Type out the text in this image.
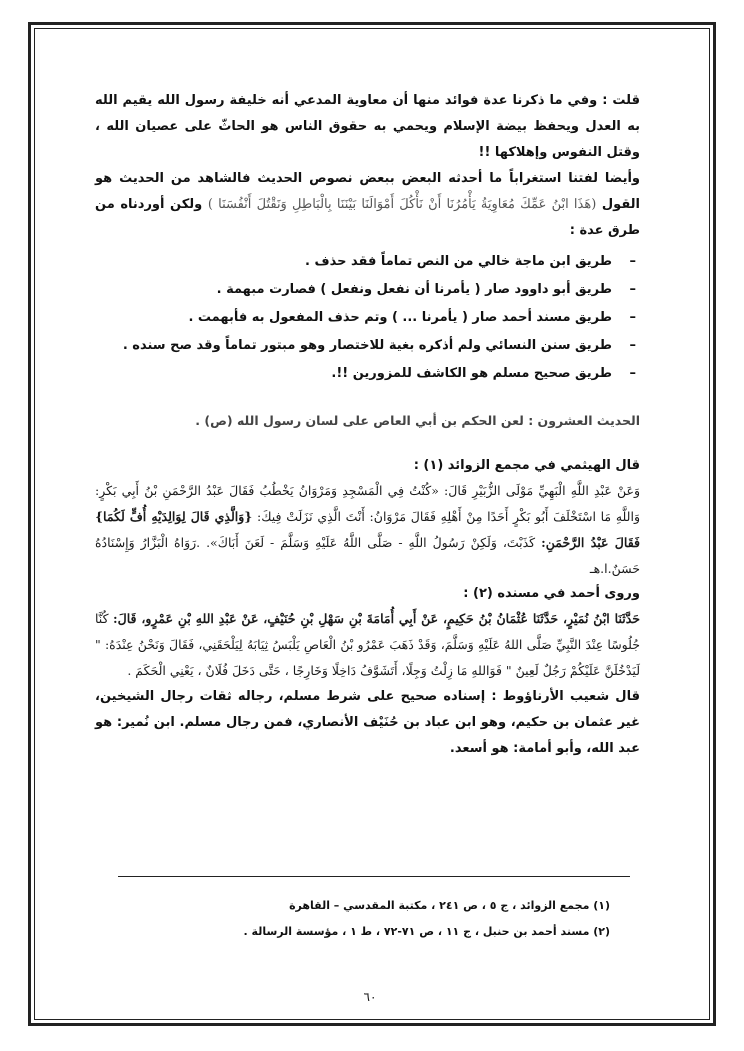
قلت : وفي ما ذكرنا عدة فوائد منها أن معاوية المدعي أنه خليفة رسول الله يقيم الله به العدل ويحفظ بيضة الإسلام ويحمي به حقوق الناس هو الحاثّ على عصيان الله ، وقتل النفوس وإهلاكها !!

وأيضا لفتنا استغراباً ما أحدثه البعض ببعض نصوص الحديث فالشاهد من الحديث هو القول (هَذَا ابْنُ عَمِّكَ مُعَاوِيَةُ يَأْمُرُنَا أَنْ نَأْكُلَ أَمْوَالَنَا بَيْنَنَا بِالْبَاطِلِ وَنَقْتُلَ أَنْفُسَنَا ) ولكن أوردناه من طرق عدة :

– طريق ابن ماجة خالي من النص تماماً فقد حذف .
– طريق أبو داوود صار ( يأمرنا أن نفعل ونفعل ) فصارت مبهمة .
– طريق مسند أحمد صار ( يأمرنا ... ) وتم حذف المفعول به فأبهمت .
– طريق سنن النسائي ولم أذكره بغية للاختصار وهو مبتور تماماً وقد صح سنده .
– طريق صحيح مسلم هو الكاشف للمزورين !!.

الحديث العشرون : لعن الحكم بن أبي العاص على لسان رسول الله (ص) .

قال الهيثمي في مجمع الزوائد (١) :

وَعَنْ عَبْدِ اللَّهِ الْبَهِيِّ مَوْلَى الزُّبَيْرِ قَالَ: «كُنْتُ فِي الْمَسْجِدِ وَمَرْوَانُ يَخْطُبُ فَقَالَ عَبْدُ الرَّحْمَنِ بْنُ أَبِي بَكْرٍ: وَاللَّهِ مَا اسْتَخْلَفَ أَبُو بَكْرٍ أَحَدًا مِنْ أَهْلِهِ فَقَالَ مَرْوَانُ: أَنْتَ الَّذِي نَزَلَتْ فِيكَ: {وَالَّذِي قَالَ لِوَالِدَيْهِ أُفٍّ لَكُمَا} فَقَالَ عَبْدُ الرَّحْمَنِ: كَذَبْتَ، وَلَكِنْ رَسُولُ اللَّهِ - صَلَّى اللَّهُ عَلَيْهِ وَسَلَّمَ - لَعَنَ أَبَاكَ». .رَوَاهُ الْبَزَّارُ وَإِسْنَادُهُ حَسَنٌ.ا.هـ

وروى أحمد في مسنده (٢) :

حَدَّثَنَا ابْنُ نُمَيْرٍ، حَدَّثَنَا عُثْمَانُ بْنُ حَكِيمٍ، عَنْ أَبِي أُمَامَةَ بْنِ سَهْلِ بْنِ حُنَيْفٍ، عَنْ عَبْدِ اللهِ بْنِ عَمْرٍو، قَالَ: كُنَّا جُلُوسًا عِنْدَ النَّبِيِّ صَلَّى اللهُ عَلَيْهِ وَسَلَّمَ، وَقَدْ ذَهَبَ عَمْرُو بْنُ الْعَاصِ يَلْبَسُ ثِيَابَهُ لِيَلْحَقَنِي، فَقَالَ وَنَحْنُ عِنْدَهُ: " لَيَدْخُلَنَّ عَلَيْكُمْ رَجُلٌ لَعِينٌ " فَوَاللهِ مَا زِلْتُ وَجِلًا، أَتَشَوَّفُ دَاخِلًا وَخَارِجًا ، حَتَّى دَخَلَ فُلَانٌ ، يَعْنِي الْحَكَمَ .

قال شعيب الأرناؤوط : إسناده صحيح على شرط مسلم، رجاله ثقات رجال الشيخين، غير عثمان بن حكيم، وهو ابن عباد بن حُنَيْف الأنصاري، فمن رجال مسلم. ابن نُمير: هو عبد الله، وأبو أمامة: هو أسعد.

(١) مجمع الزوائد ، ج ٥ ، ص ٢٤١ ، مكتبة المقدسي – القاهرة

(٢) مسند أحمد بن حنبل ، ج ١١ ، ص ٧١-٧٢ ، ط ١ ، مؤسسة الرسالة .

٦٠
